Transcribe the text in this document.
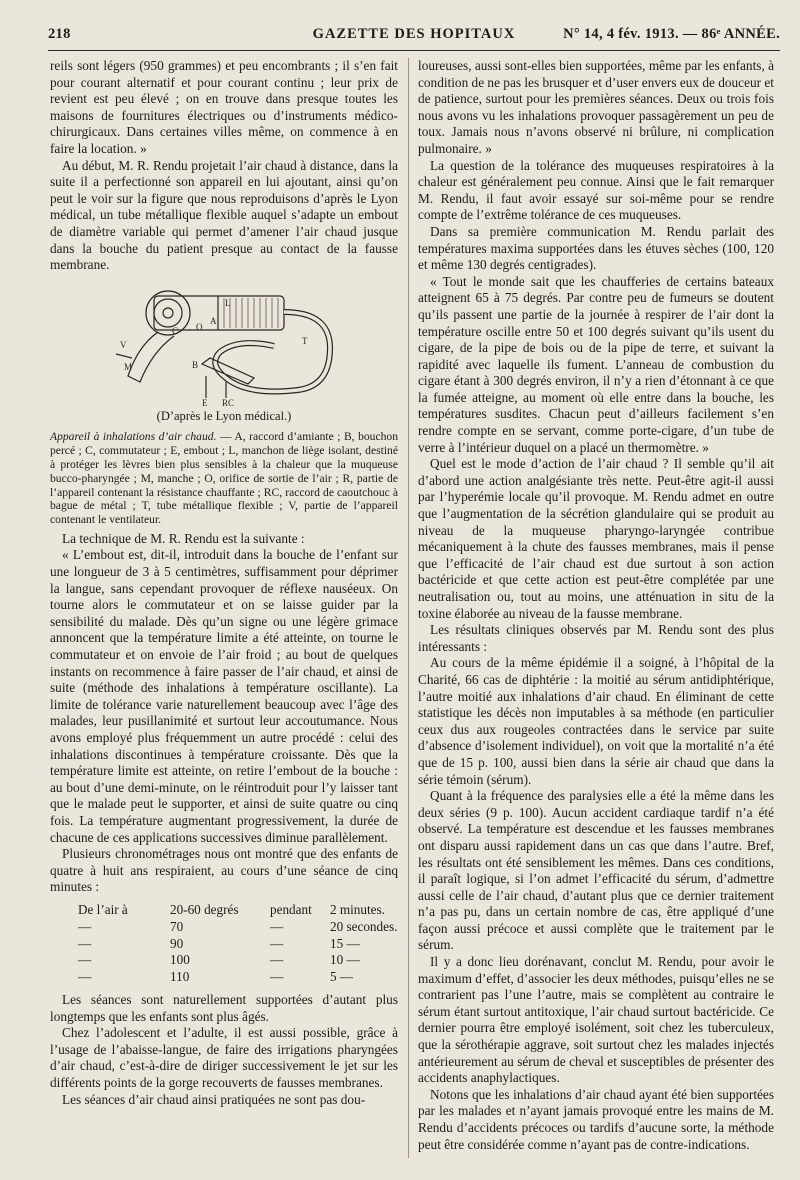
218	GAZETTE DES HOPITAUX	N° 14, 4 fév. 1913. — 86ᵉ ANNÉE.

reils sont légers (950 grammes) et peu encombrants ; il s’en fait pour courant alternatif et pour courant continu ; leur prix de revient est peu élevé ; on en trouve dans presque toutes les maisons de fournitures électriques ou d’instruments médico-chirurgicaux. Dans certaines villes même, on commence à en faire la location. »

Au début, M. R. Rendu projetait l’air chaud à distance, dans la suite il a perfectionné son appareil en lui ajoutant, ainsi qu’on peut le voir sur la figure que nous reproduisons d’après le Lyon médical, un tube métallique flexible auquel s’adapte un embout de diamètre variable qui permet d’amener l’air chaud jusque dans la bouche du patient presque au contact de la fausse membrane.

L
A
C O
T
V
M	B
E RC
(D’après le Lyon médical.)
Appareil à inhalations d’air chaud. — A, raccord d’amiante ; B, bouchon percé ; C, commutateur ; E, embout ; L, manchon de liège isolant, destiné à protéger les lèvres bien plus sensibles à la chaleur que la muqueuse bucco-pharyngée ; M, manche ; O, orifice de sortie de l’air ; R, partie de l’appareil contenant la résistance chauffante ; RC, raccord de caoutchouc à bague de métal ; T, tube métallique flexible ; V, partie de l’appareil contenant le ventilateur.

La technique de M. R. Rendu est la suivante :

« L’embout est, dit-il, introduit dans la bouche de l’enfant sur une longueur de 3 à 5 centimètres, suffisamment pour déprimer la langue, sans cependant provoquer de réflexe nauséeux. On tourne alors le commutateur et on se laisse guider par la sensibilité du malade. Dès qu’un signe ou une légère grimace annoncent que la température limite a été atteinte, on tourne le commutateur et on envoie de l’air froid ; au bout de quelques instants on recommence à faire passer de l’air chaud, et ainsi de suite (méthode des inhalations à température oscillante). La limite de tolérance varie naturellement beaucoup avec l’âge des malades, leur pusillanimité et surtout leur accoutumance. Nous avons employé plus fréquemment un autre procédé : celui des inhalations discontinues à température croissante. Dès que la température limite est atteinte, on retire l’embout de la bouche : au bout d’une demi-minute, on le réintroduit pour l’y laisser tant que le malade peut le supporter, et ainsi de suite quatre ou cinq fois. La température augmentant progressivement, la durée de chacune de ces applications successives diminue parallèlement.

Plusieurs chronométrages nous ont montré que des enfants de quatre à huit ans respiraient, au cours d’une séance de cinq minutes :

De l’air à	20-60 degrés pendant 2 minutes.
—	70	—	20 secondes.
—	90	—	15 —
—	100	—	10 —
—	110	—	5 —

Les séances sont naturellement supportées d’autant plus longtemps que les enfants sont plus âgés.

Chez l’adolescent et l’adulte, il est aussi possible, grâce à l’usage de l’abaisse-langue, de faire des irrigations pharyngées d’air chaud, c’est-à-dire de diriger successivement le jet sur les différents points de la gorge recouverts de fausses membranes.

Les séances d’air chaud ainsi pratiquées ne sont pas dou-

loureuses, aussi sont-elles bien supportées, même par les enfants, à condition de ne pas les brusquer et d’user envers eux de douceur et de patience, surtout pour les premières séances. Deux ou trois fois nous avons vu les inhalations provoquer passagèrement un peu de toux. Jamais nous n’avons observé ni brûlure, ni complication pulmonaire. »

La question de la tolérance des muqueuses respiratoires à la chaleur est généralement peu connue. Ainsi que le fait remarquer M. Rendu, il faut avoir essayé sur soi-même pour se rendre compte de l’extrême tolérance de ces muqueuses.

Dans sa première communication M. Rendu parlait des températures maxima supportées dans les étuves sèches (100, 120 et même 130 degrés centigrades).

« Tout le monde sait que les chaufferies de certains bateaux atteignent 65 à 75 degrés. Par contre peu de fumeurs se doutent qu’ils passent une partie de la journée à respirer de l’air dont la température oscille entre 50 et 100 degrés suivant qu’ils usent du cigare, de la pipe de bois ou de la pipe de terre, et suivant la rapidité avec laquelle ils fument. L’anneau de combustion du cigare étant à 300 degrés environ, il n’y a rien d’étonnant à ce que la fumée atteigne, au moment où elle entre dans la bouche, les températures susdites. Chacun peut d’ailleurs facilement s’en rendre compte en se servant, comme porte-cigare, d’un tube de verre à l’intérieur duquel on a placé un thermomètre. »

Quel est le mode d’action de l’air chaud ? Il semble qu’il ait d’abord une action analgésiante très nette. Peut-être agit-il aussi par l’hyperémie locale qu’il provoque. M. Rendu admet en outre que l’augmentation de la sécrétion glandulaire qui se produit au niveau de la muqueuse pharyngo-laryngée contribue mécaniquement à la chute des fausses membranes, mais il pense que l’efficacité de l’air chaud est due surtout à son action bactéricide et que cette action est peut-être complétée par une neutralisation ou, tout au moins, une atténuation in situ de la toxine élaborée au niveau de la fausse membrane.

Les résultats cliniques observés par M. Rendu sont des plus intéressants :

Au cours de la même épidémie il a soigné, à l’hôpital de la Charité, 66 cas de diphtérie : la moitié au sérum antidiphtérique, l’autre moitié aux inhalations d’air chaud. En éliminant de cette statistique les décès non imputables à sa méthode (en particulier ceux dus aux rougeoles contractées dans le service par suite d’absence d’isolement individuel), on voit que la mortalité n’a été que de 15 p. 100, aussi bien dans la série air chaud que dans la série témoin (sérum).

Quant à la fréquence des paralysies elle a été la même dans les deux séries (9 p. 100). Aucun accident cardiaque tardif n’a été observé. La température est descendue et les fausses membranes ont disparu aussi rapidement dans un cas que dans l’autre. Bref, les résultats ont été sensiblement les mêmes. Dans ces conditions, il paraît logique, si l’on admet l’efficacité du sérum, d’admettre aussi celle de l’air chaud, d’autant plus que ce dernier traitement n’a pas pu, dans un certain nombre de cas, être appliqué d’une façon aussi précoce et aussi complète que le traitement par le sérum.

Il y a donc lieu dorénavant, conclut M. Rendu, pour avoir le maximum d’effet, d’associer les deux méthodes, puisqu’elles ne se contrarient pas l’une l’autre, mais se complètent au contraire le sérum étant surtout antitoxique, l’air chaud surtout bactéricide. Ce dernier pourra être employé isolément, soit chez les tuberculeux, que la sérothérapie aggrave, soit surtout chez les malades injectés antérieurement au sérum de cheval et susceptibles de présenter des accidents anaphylactiques.

Notons que les inhalations d’air chaud ayant été bien supportées par les malades et n’ayant jamais provoqué entre les mains de M. Rendu d’accidents précoces ou tardifs d’aucune sorte, la méthode peut être considérée comme n’ayant pas de contre-indications.
